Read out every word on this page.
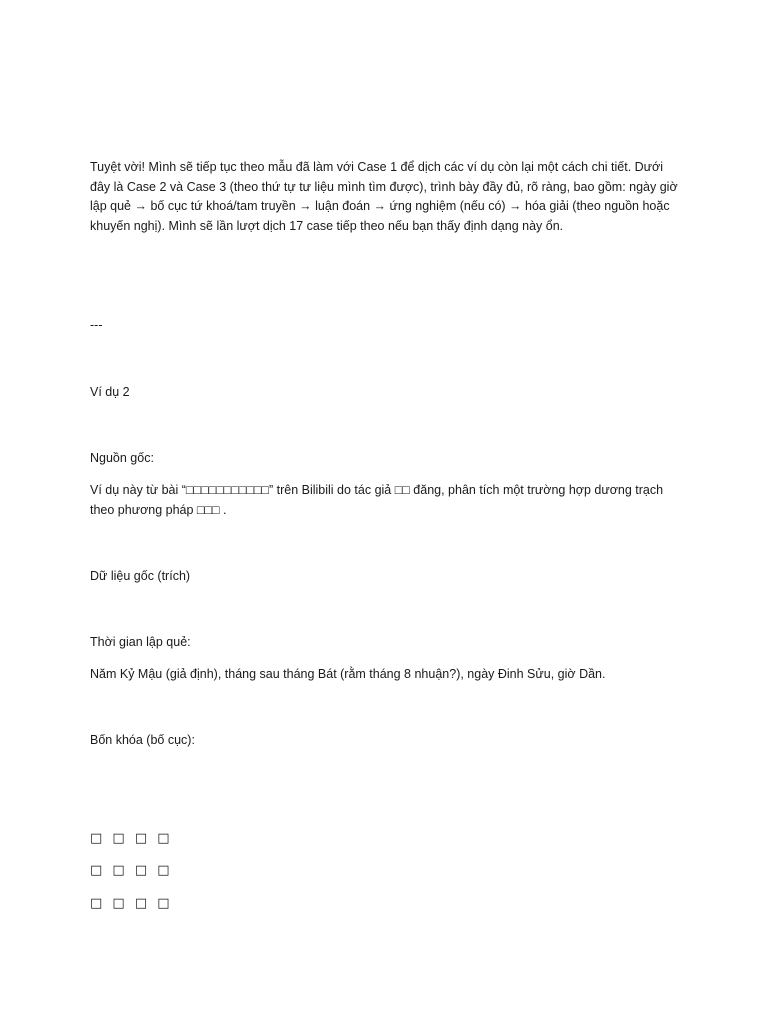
Tuyệt vời! Mình sẽ tiếp tục theo mẫu đã làm với Case 1 để dịch các ví dụ còn lại một cách chi tiết. Dưới đây là Case 2 và Case 3 (theo thứ tự tư liệu mình tìm được), trình bày đầy đủ, rõ ràng, bao gồm: ngày giờ lập quẻ → bố cục tứ khoá/tam truyền → luận đoán → ứng nghiệm (nếu có) → hóa giải (theo nguồn hoặc khuyến nghị). Mình sẽ lần lượt dịch 17 case tiếp theo nếu bạn thấy định dạng này ổn.

---

Ví dụ 2

Nguồn gốc:

Ví dụ này từ bài “□□□□□□□□□□□” trên Bilibili do tác giả □□ đăng, phân tích một trường hợp dương trạch theo phương pháp □□□ .

Dữ liệu gốc (trích)

Thời gian lập quẻ:

Năm Kỷ Mậu (giả định), tháng sau tháng Bát (rằm tháng 8 nhuận?), ngày Đinh Sửu, giờ Dần.

Bốn khóa (bố cục):

□ □ □ □

□ □ □ □

□ □ □ □
